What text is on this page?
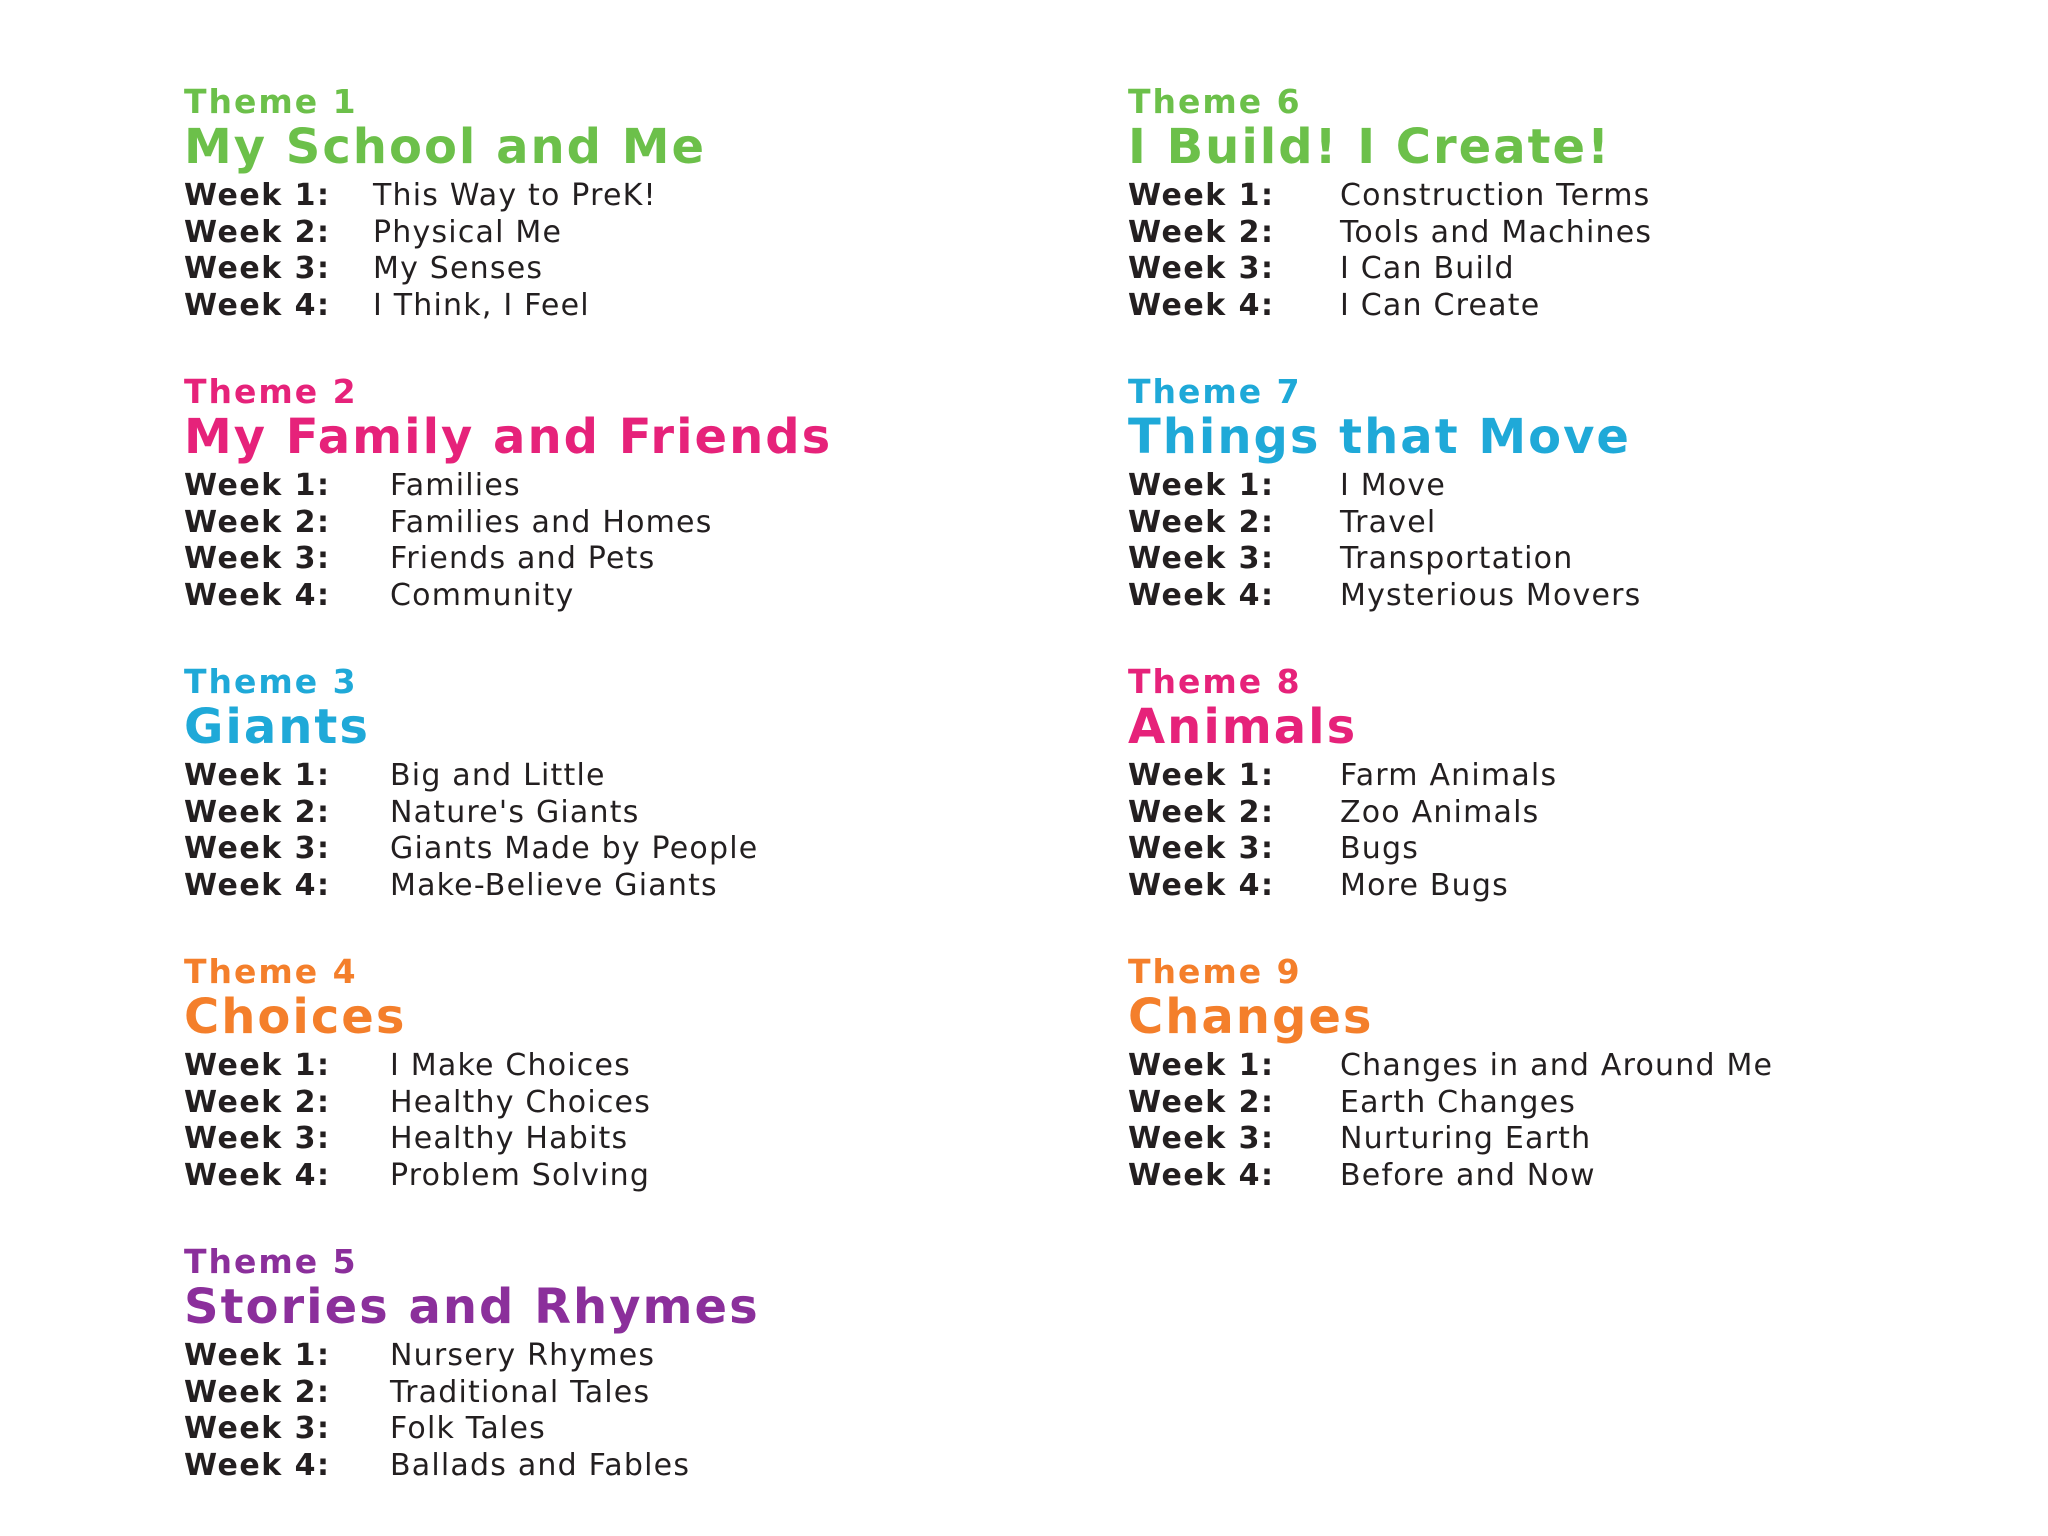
Theme 1
My School and Me
Week 1:	This Way to PreK!
Week 2:	Physical Me
Week 3:	My Senses
Week 4:	I Think, I Feel
Theme 2
My Family and Friends
Week 1:	Families
Week 2:	Families and Homes
Week 3:	Friends and Pets
Week 4:	Community
Theme 3
Giants
Week 1:	Big and Little
Week 2:	Nature's Giants
Week 3:	Giants Made by People
Week 4:	Make-Believe Giants
Theme 4
Choices
Week 1:	I Make Choices
Week 2:	Healthy Choices
Week 3:	Healthy Habits
Week 4:	Problem Solving
Theme 5
Stories and Rhymes
Week 1:	Nursery Rhymes
Week 2:	Traditional Tales
Week 3:	Folk Tales
Week 4:	Ballads and Fables
Theme 6
I Build! I Create!
Week 1:	Construction Terms
Week 2:	Tools and Machines
Week 3:	I Can Build
Week 4:	I Can Create
Theme 7
Things that Move
Week 1:	I Move
Week 2:	Travel
Week 3:	Transportation
Week 4:	Mysterious Movers
Theme 8
Animals
Week 1:	Farm Animals
Week 2:	Zoo Animals
Week 3:	Bugs
Week 4:	More Bugs
Theme 9
Changes
Week 1:	Changes in and Around Me
Week 2:	Earth Changes
Week 3:	Nurturing Earth
Week 4:	Before and Now
